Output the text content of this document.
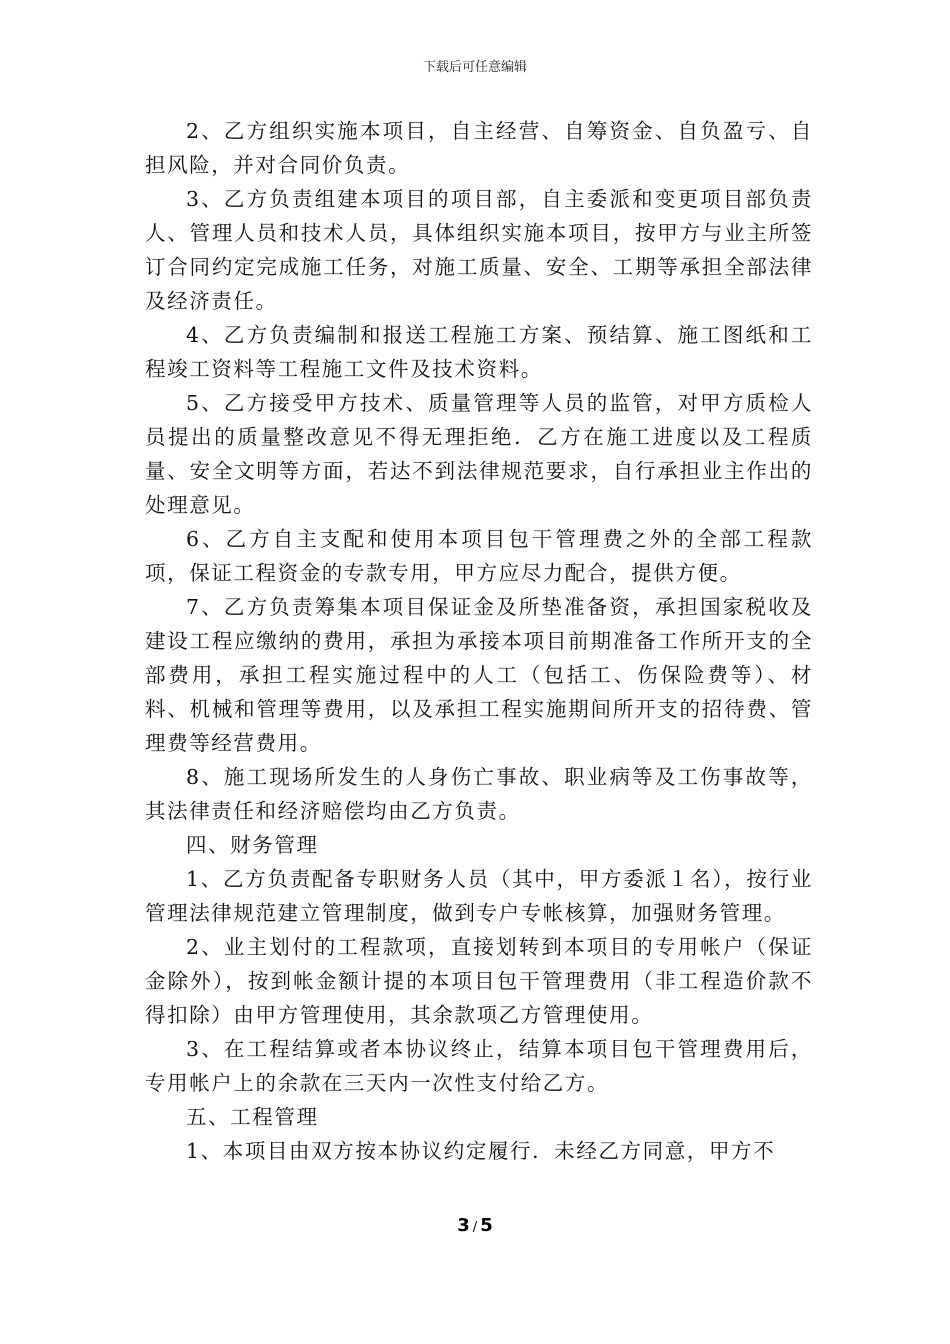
下载后可任意编辑

2、乙方组织实施本项目，自主经营、自筹资金、自负盈亏、自担风险，并对合同价负责。

3、乙方负责组建本项目的项目部，自主委派和变更项目部负责人、管理人员和技术人员，具体组织实施本项目，按甲方与业主所签订合同约定完成施工任务，对施工质量、安全、工期等承担全部法律及经济责任。

4、乙方负责编制和报送工程施工方案、预结算、施工图纸和工程竣工资料等工程施工文件及技术资料。

5、乙方接受甲方技术、质量管理等人员的监管，对甲方质检人员提出的质量整改意见不得无理拒绝．乙方在施工进度以及工程质量、安全文明等方面，若达不到法律规范要求，自行承担业主作出的处理意见。

6、乙方自主支配和使用本项目包干管理费之外的全部工程款项，保证工程资金的专款专用，甲方应尽力配合，提供方便。

7、乙方负责筹集本项目保证金及所垫准备资，承担国家税收及建设工程应缴纳的费用，承担为承接本项目前期准备工作所开支的全部费用，承担工程实施过程中的人工（包括工、伤保险费等）、材料、机械和管理等费用，以及承担工程实施期间所开支的招待费、管理费等经营费用。

8、施工现场所发生的人身伤亡事故、职业病等及工伤事故等，其法律责任和经济赔偿均由乙方负责。

四、财务管理

1、乙方负责配备专职财务人员（其中，甲方委派１名），按行业管理法律规范建立管理制度，做到专户专帐核算，加强财务管理。

2、业主划付的工程款项，直接划转到本项目的专用帐户（保证金除外），按到帐金额计提的本项目包干管理费用（非工程造价款不得扣除）由甲方管理使用，其余款项乙方管理使用。

3、在工程结算或者本协议终止，结算本项目包干管理费用后，专用帐户上的余款在三天内一次性支付给乙方。

五、工程管理

1、本项目由双方按本协议约定履行．未经乙方同意，甲方不

3 / 5
